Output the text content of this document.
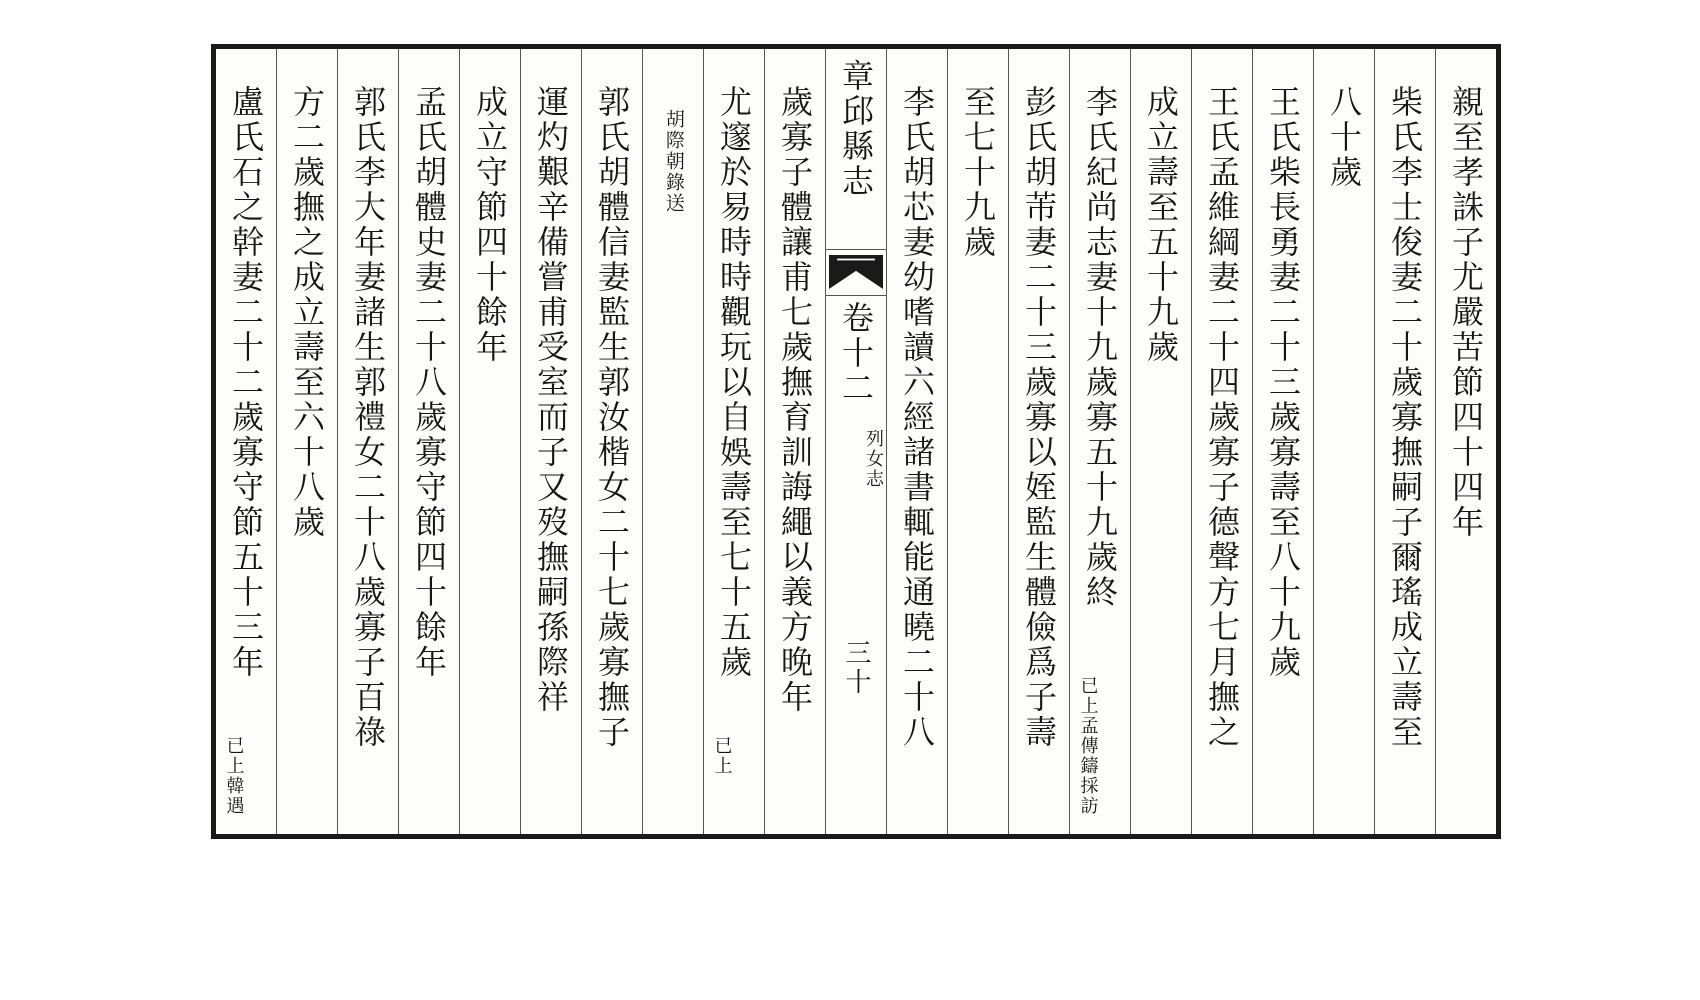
親至孝誅子尤嚴苦節四十四年
柴氏李士俊妻二十歲寡撫嗣子爾瑤成立壽至
八十歲
王氏柴長勇妻二十三歲寡壽至八十九歲
王氏孟維綱妻二十四歲寡子德聲方七月撫之
成立壽至五十九歲
李氏紀尚志妻十九歲寡五十九歲終
已上孟傳鑄採訪
彭氏胡芾妻二十三歲寡以姪監生體儉爲子壽
至七十九歲
李氏胡芯妻幼嗜讀六經諸書輒能通曉二十八
章邱縣志
卷十二
列女志
三十
歲寡子體讓甫七歲撫育訓誨繩以義方晚年
尤邃於易時時觀玩以自娛壽至七十五歲
已上
胡際朝錄送
郭氏胡體信妻監生郭汝楷女二十七歲寡撫子
運灼艱辛備嘗甫受室而子又歿撫嗣孫際祥
成立守節四十餘年
孟氏胡體史妻二十八歲寡守節四十餘年
郭氏李大年妻諸生郭禮女二十八歲寡子百祿
方二歲撫之成立壽至六十八歲
盧氏石之幹妻二十二歲寡守節五十三年
已上韓遇
